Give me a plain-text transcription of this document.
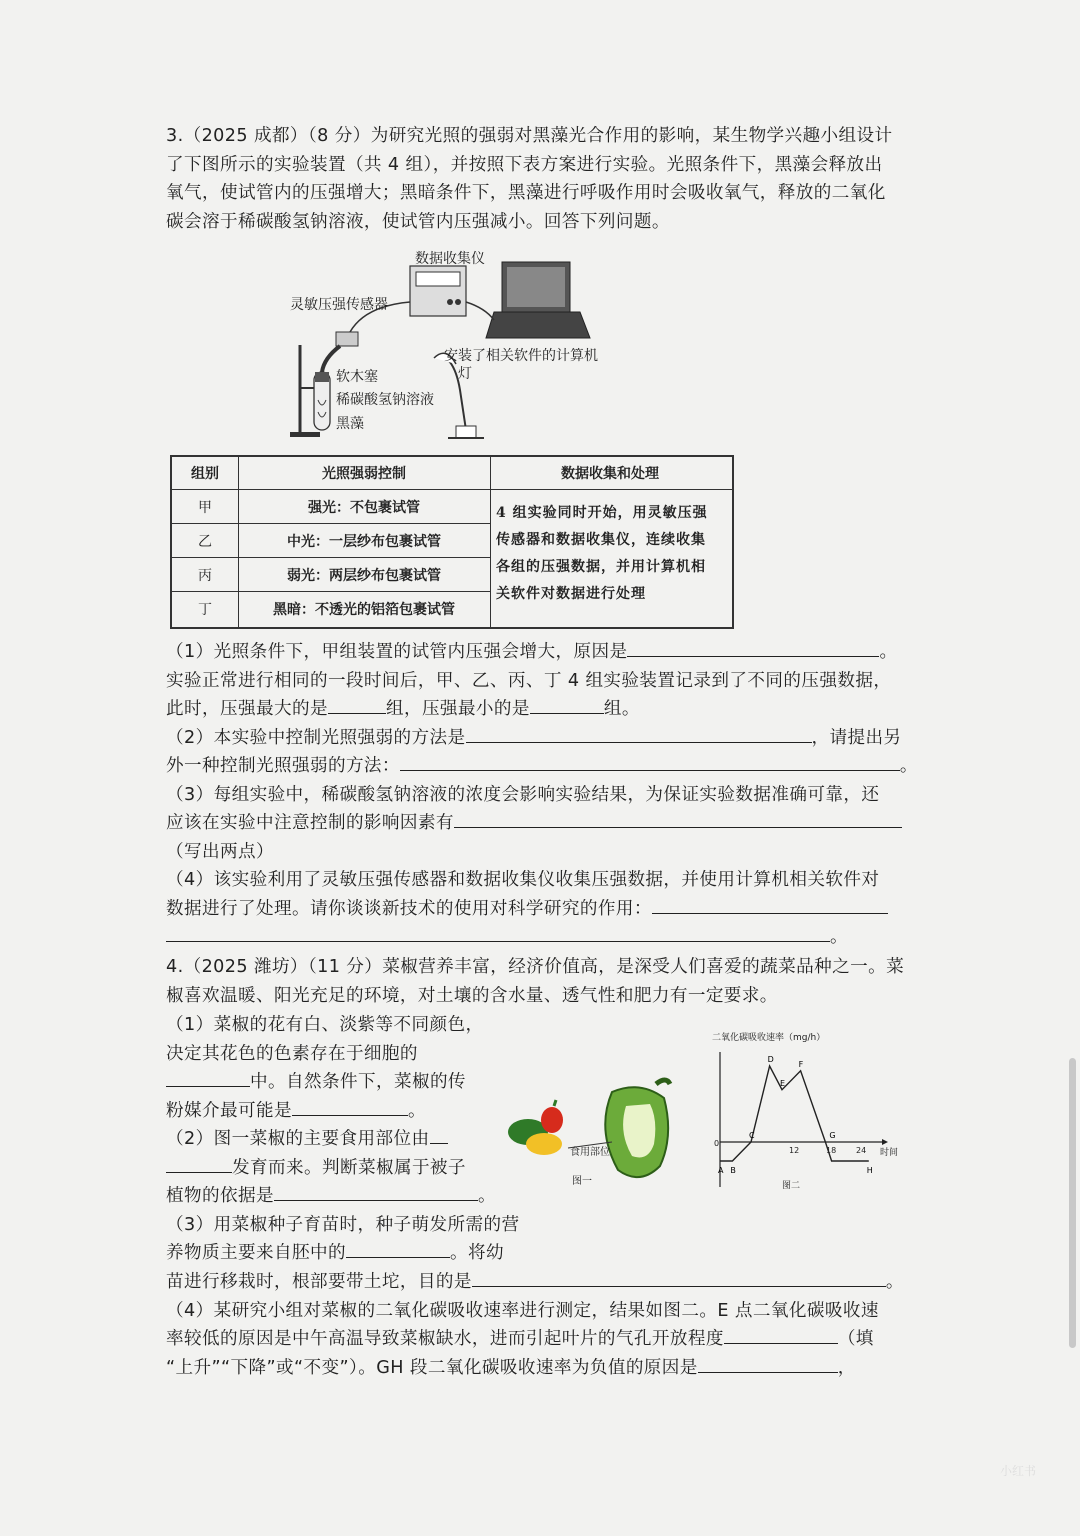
3.（2025 成都）（8 分）为研究光照的强弱对黑藻光合作用的影响，某生物学兴趣小组设计
了下图所示的实验装置（共 4 组），并按照下表方案进行实验。光照条件下，黑藻会释放出
氧气，使试管内的压强增大；黑暗条件下，黑藻进行呼吸作用时会吸收氧气，释放的二氧化
碳会溶于稀碳酸氢钠溶液，使试管内压强减小。回答下列问题。
数据收集仪
灵敏压强传感器
安装了相关软件的计算机
灯
软木塞
稀碳酸氢钠溶液
黑藻
组别	光照强弱控制	数据收集和处理
甲	强光：不包裹试管
乙	中光：一层纱布包裹试管
丙	弱光：两层纱布包裹试管
丁	黑暗：不透光的铝箔包裹试管
4 组实验同时开始，用灵敏压强
传感器和数据收集仪，连续收集
各组的压强数据，并用计算机相
关软件对数据进行处理
（1）光照条件下，甲组装置的试管内压强会增大，原因是	。
实验正常进行相同的一段时间后，甲、乙、丙、丁 4 组实验装置记录到了不同的压强数据，
此时，压强最大的是	组，压强最小的是	组。
（2）本实验中控制光照强弱的方法是	，请提出另
外一种控制光照强弱的方法：	。
（3）每组实验中，稀碳酸氢钠溶液的浓度会影响实验结果，为保证实验数据准确可靠，还
应该在实验中注意控制的影响因素有
（写出两点）
（4）该实验利用了灵敏压强传感器和数据收集仪收集压强数据，并使用计算机相关软件对
数据进行了处理。请你谈谈新技术的使用对科学研究的作用：
。
4.（2025 潍坊）（11 分）菜椒营养丰富，经济价值高，是深受人们喜爱的蔬菜品种之一。菜
椒喜欢温暖、阳光充足的环境，对土壤的含水量、透气性和肥力有一定要求。
（1）菜椒的花有白、淡紫等不同颜色，
决定其花色的色素存在于细胞的
中。自然条件下，菜椒的传
粉媒介最可能是	。
（2）图一菜椒的主要食用部位由
发育而来。判断菜椒属于被子
植物的依据是	。
（3）用菜椒种子育苗时，种子萌发所需的营
养物质主要来自胚中的	。将幼
食用部位
图一
二氧化碳吸收速率（mg/h）
时间
0
12	18 24
图二
A B
C
D
E
F
G
H
苗进行移栽时，根部要带土坨，目的是	。
（4）某研究小组对菜椒的二氧化碳吸收速率进行测定，结果如图二。E 点二氧化碳吸收速
率较低的原因是中午高温导致菜椒缺水，进而引起叶片的气孔开放程度	（填
“上升”“下降”或“不变”）。GH 段二氧化碳吸收速率为负值的原因是	，
小红书
